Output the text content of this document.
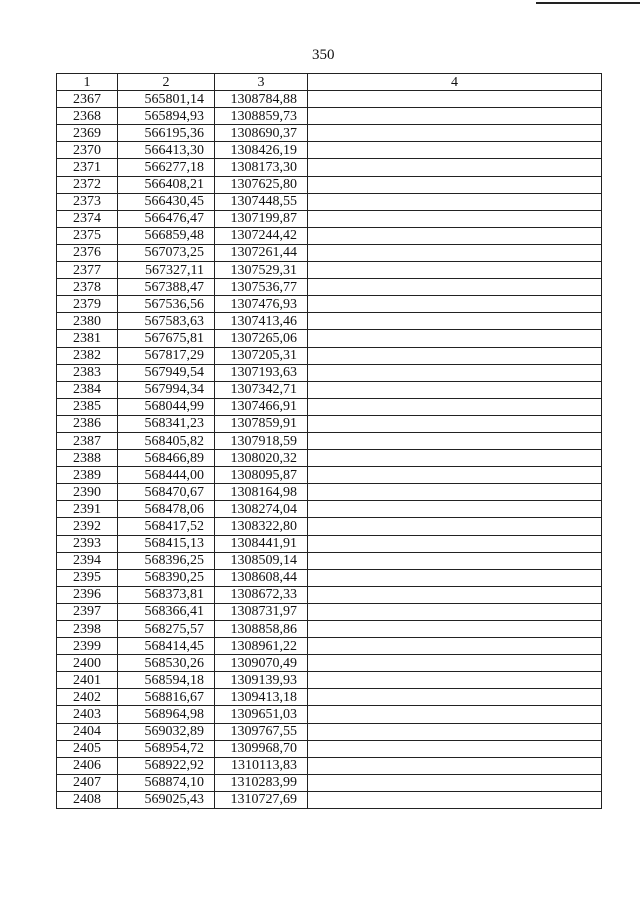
350
1	2	3	4
2367	565801,14	1308784,88	
2368	565894,93	1308859,73	
2369	566195,36	1308690,37	
2370	566413,30	1308426,19	
2371	566277,18	1308173,30	
2372	566408,21	1307625,80	
2373	566430,45	1307448,55	
2374	566476,47	1307199,87	
2375	566859,48	1307244,42	
2376	567073,25	1307261,44	
2377	567327,11	1307529,31	
2378	567388,47	1307536,77	
2379	567536,56	1307476,93	
2380	567583,63	1307413,46	
2381	567675,81	1307265,06	
2382	567817,29	1307205,31	
2383	567949,54	1307193,63	
2384	567994,34	1307342,71	
2385	568044,99	1307466,91	
2386	568341,23	1307859,91	
2387	568405,82	1307918,59	
2388	568466,89	1308020,32	
2389	568444,00	1308095,87	
2390	568470,67	1308164,98	
2391	568478,06	1308274,04	
2392	568417,52	1308322,80	
2393	568415,13	1308441,91	
2394	568396,25	1308509,14	
2395	568390,25	1308608,44	
2396	568373,81	1308672,33	
2397	568366,41	1308731,97	
2398	568275,57	1308858,86	
2399	568414,45	1308961,22	
2400	568530,26	1309070,49	
2401	568594,18	1309139,93	
2402	568816,67	1309413,18	
2403	568964,98	1309651,03	
2404	569032,89	1309767,55	
2405	568954,72	1309968,70	
2406	568922,92	1310113,83	
2407	568874,10	1310283,99	
2408	569025,43	1310727,69	
